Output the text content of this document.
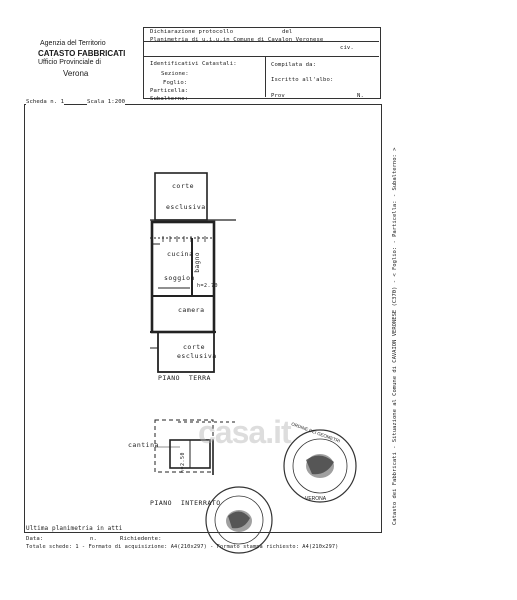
Agenzia del Territorio
CATASTO FABBRICATI
Ufficio Provinciale di
Verona
Dichiarazione protocollo	del
Planimetria di u.i.u.in Comune di Cavalon Veronese
civ.
Identificativi Catastali:
Sezione:
Foglio:
Particella:
Subalterno:
Compilata da:
Iscritto all'albo:
Prov	N.
Scheda n. 1	Scala 1:200
corte
esclusiva
cucina bagno
soggion
h=2.70
camera
corte
esclusiva
cantina
h=2.50
PIANO  TERRA
PIANO  INTERRATO
casa.it ORDINE DEI GEOMETRI
VERONA
Ultima planimetria in atti
Data:	n.	Richiedente:
Totale schede: 1 - Formato di acquisizione: A4(210x297) - Formato stampa richiesto: A4(210x297)
Catasto dei Fabbricati - Situazione al Comune di CAVAION VERONESE (C370) - < Foglio: - Particella: - Subalterno: >
